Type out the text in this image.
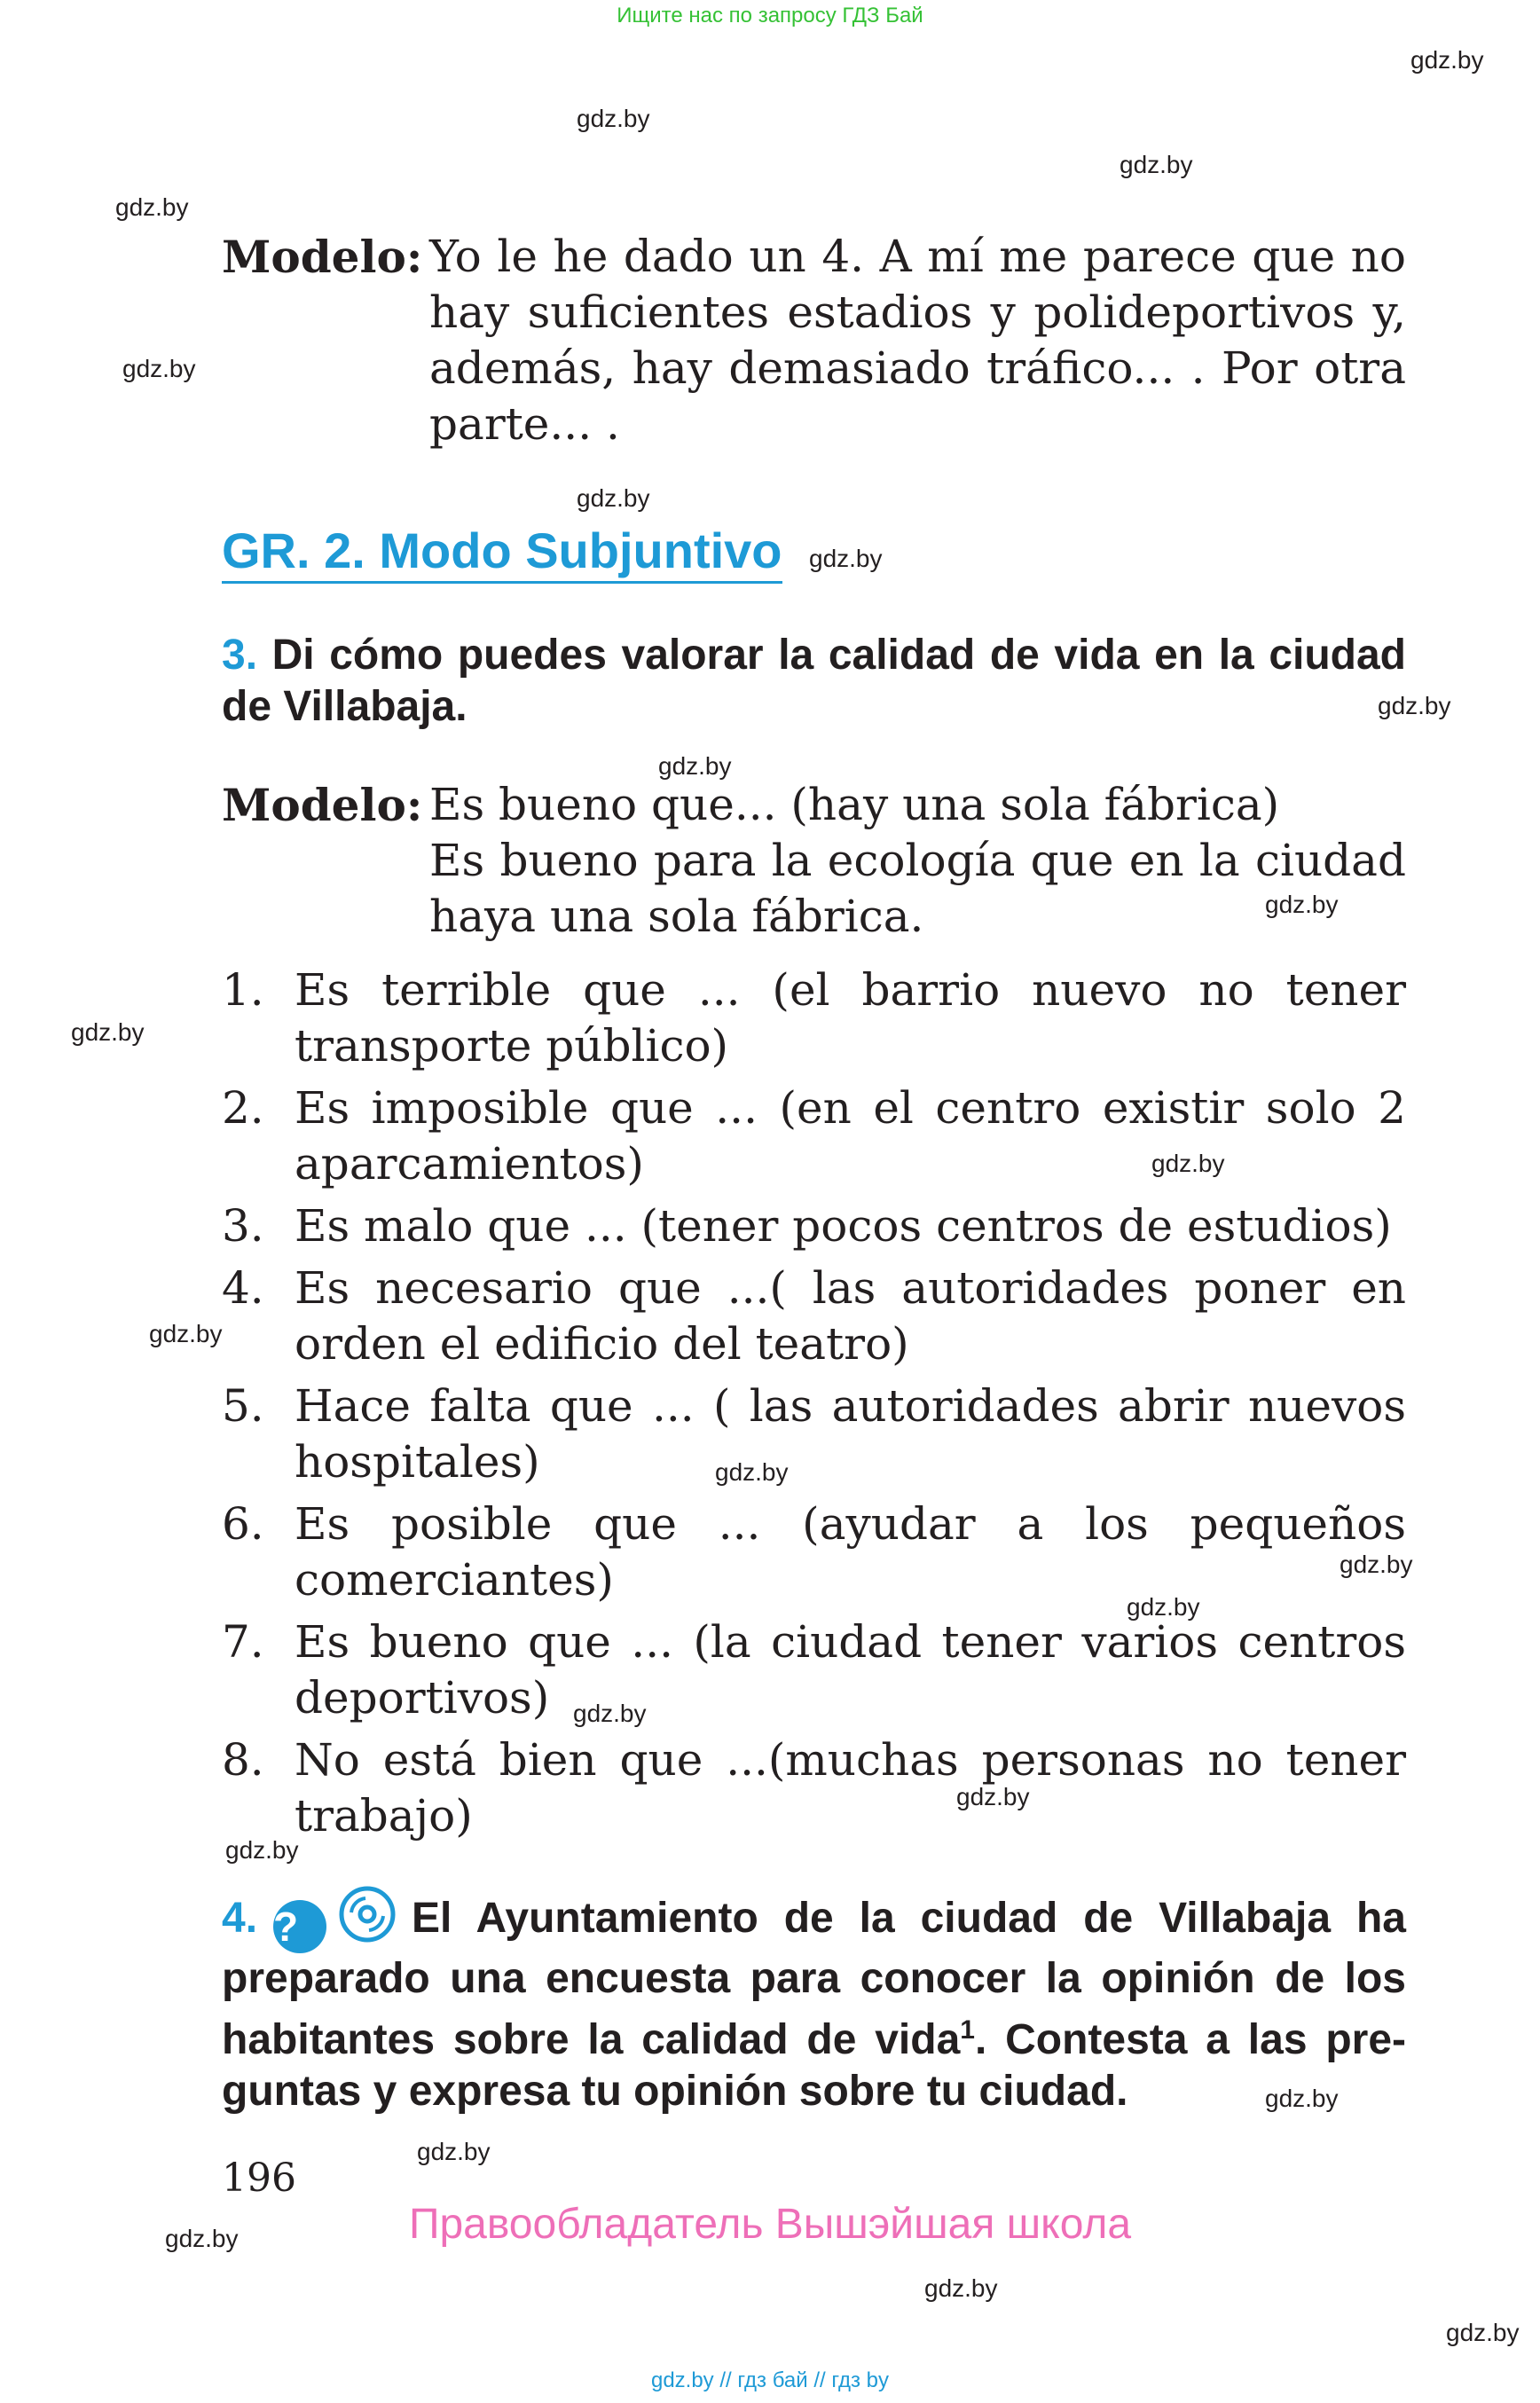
Ищите нас по запросу ГДЗ Бай
gdz.by
gdz.by
gdz.by
gdz.by
gdz.by
gdz.by
gdz.by
gdz.by
gdz.by
gdz.by
gdz.by
gdz.by
gdz.by
gdz.by
gdz.by
gdz.by
gdz.by
gdz.by
gdz.by
gdz.by
gdz.by
gdz.by
gdz.by
gdz.by
Modelo: Yo le he dado un 4. A mí me parece que no
hay suficientes estadios y polideportivos y,
además, hay demasiado tráfico... . Por otra
parte... .
GR. 2. Modo Subjuntivo
3. Di cómo puedes valorar la calidad de vida en la ciudad de Villabaja.
Modelo: Es bueno que... (hay una sola fábrica)
Es bueno para la ecología que en la ciudad
haya una sola fábrica.
1. Es terrible que ... (el barrio nuevo no tener transporte público)
2. Es imposible que ... (en el centro existir solo 2 aparcamientos)
3. Es malo que ... (tener pocos centros de estudios)
4. Es necesario que ...( las autoridades poner en orden el edificio del teatro)
5. Hace falta que ... ( las autoridades abrir nuevos hospitales)
6. Es posible que ... (ayudar a los pequeños comerciantes)
7. Es bueno que ... (la ciudad tener varios centros deportivos)
8. No está bien que ...(muchas personas no tener trabajo)
4. ?	El Ayuntamiento de la ciudad de Villabaja ha preparado una encuesta para conocer la opinión de los habitantes sobre la calidad de vida$^1$. Contesta a las preguntas y expresa tu opinión sobre tu ciudad.
196
Правообладатель Вышэйшая школа
gdz.by // гдз бай // гдз by
